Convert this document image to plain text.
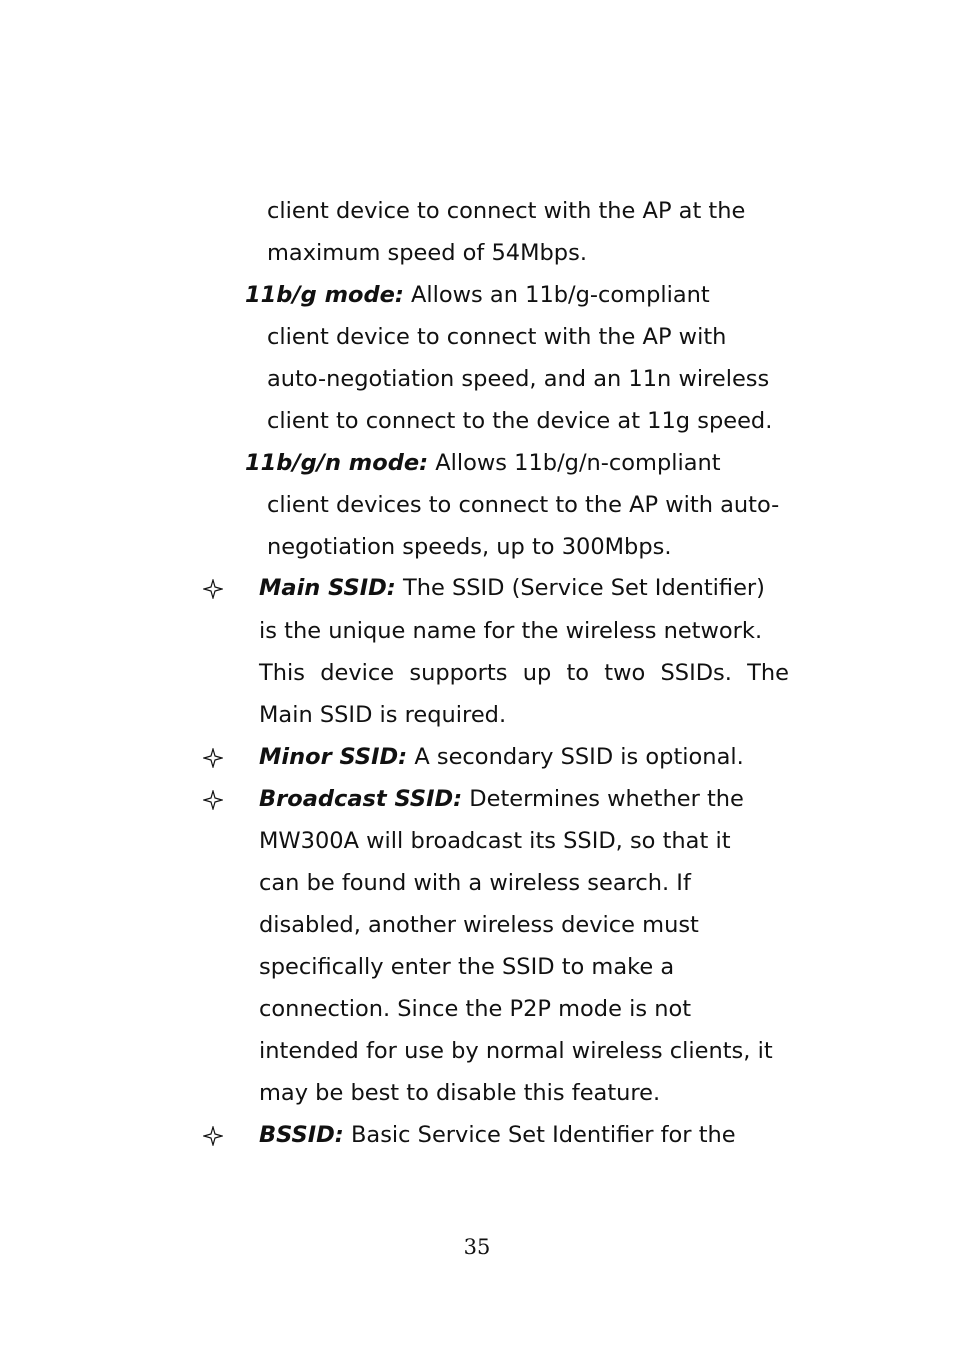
client device to connect with the AP at the
maximum speed of 54Mbps.
11b/g mode: Allows an 11b/g-compliant
client device to connect with the AP with
auto-negotiation speed, and an 11n wireless
client to connect to the device at 11g speed.
11b/g/n mode: Allows 11b/g/n-compliant
client devices to connect to the AP with auto-
negotiation speeds, up to 300Mbps.
Main SSID: The SSID (Service Set Identifier)
is the unique name for the wireless network.
This device supports up to two SSIDs. The
Main SSID is required.
Minor SSID: A secondary SSID is optional.
Broadcast SSID: Determines whether the
MW300A will broadcast its SSID, so that it
can be found with a wireless search. If
disabled, another wireless device must
specifically enter the SSID to make a
connection. Since the P2P mode is not
intended for use by normal wireless clients, it
may be best to disable this feature.
BSSID: Basic Service Set Identifier for the
35
